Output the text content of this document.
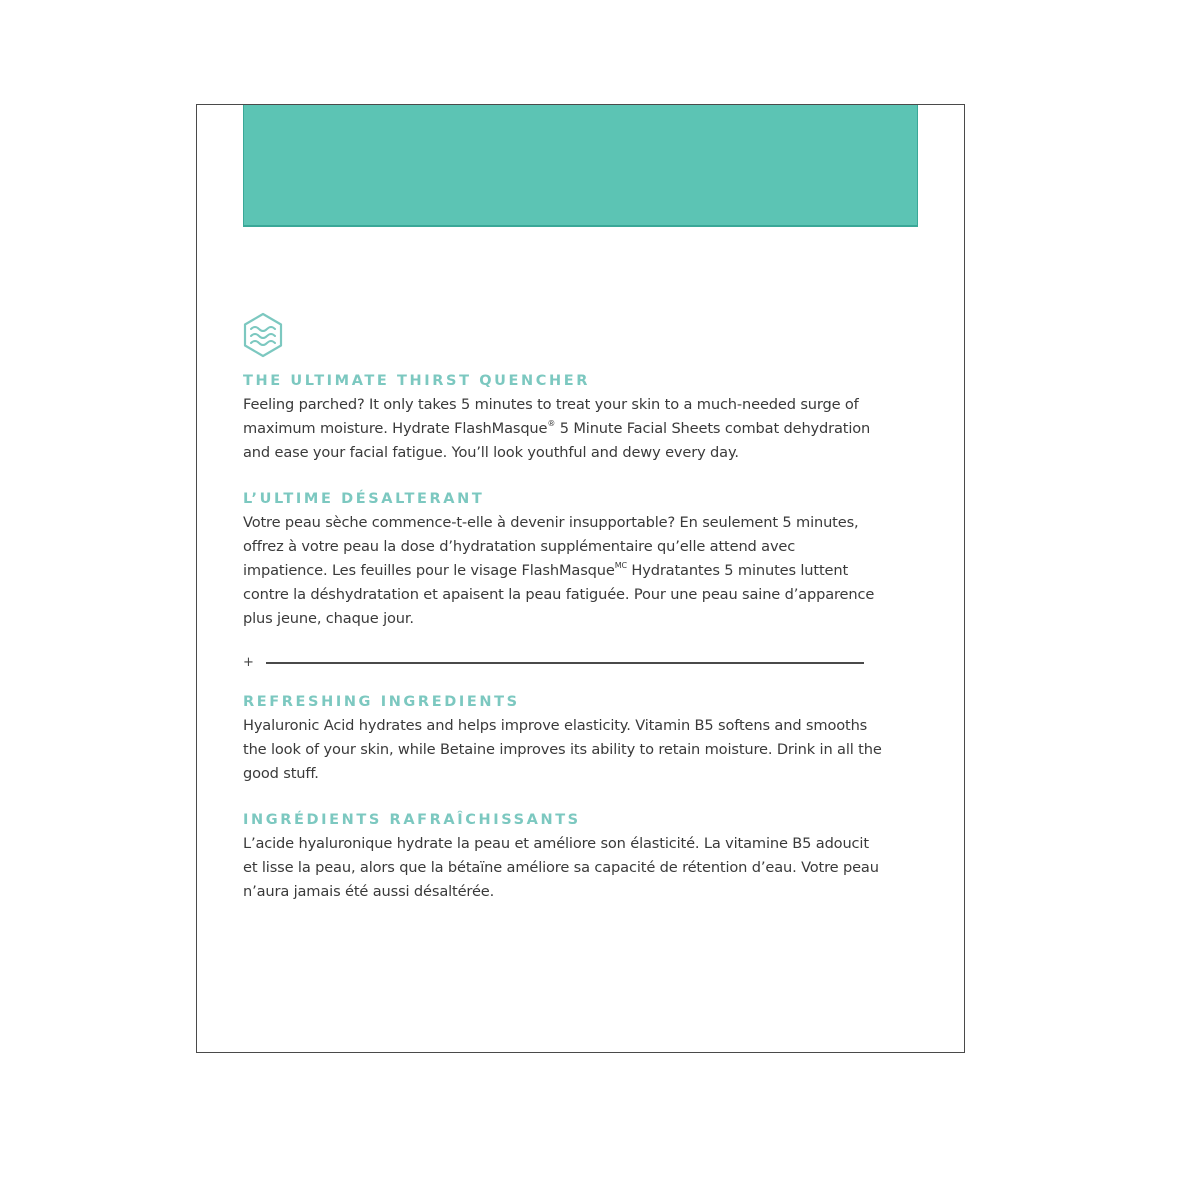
THE ULTIMATE THIRST QUENCHER

Feeling parched? It only takes 5 minutes to treat your skin to a much-needed surge of maximum moisture. Hydrate FlashMasque® 5 Minute Facial Sheets combat dehydration and ease your facial fatigue. You’ll look youthful and dewy every day.

L’ULTIME DÉSALTERANT

Votre peau sèche commence-t-elle à devenir insupportable? En seulement 5 minutes, offrez à votre peau la dose d’hydratation supplémentaire qu’elle attend avec impatience. Les feuilles pour le visage FlashMasque$^{MC}$ Hydratantes 5 minutes luttent contre la déshydratation et apaisent la peau fatiguée. Pour une peau saine d’apparence plus jeune, chaque jour.

+
REFRESHING INGREDIENTS

Hyaluronic Acid hydrates and helps improve elasticity. Vitamin B5 softens and smooths the look of your skin, while Betaine improves its ability to retain moisture. Drink in all the good stuff.

INGRÉDIENTS RAFRAÎCHISSANTS

L’acide hyaluronique hydrate la peau et améliore son élasticité. La vitamine B5 adoucit et lisse la peau, alors que la bétaïne améliore sa capacité de rétention d’eau. Votre peau n’aura jamais été aussi désaltérée.
